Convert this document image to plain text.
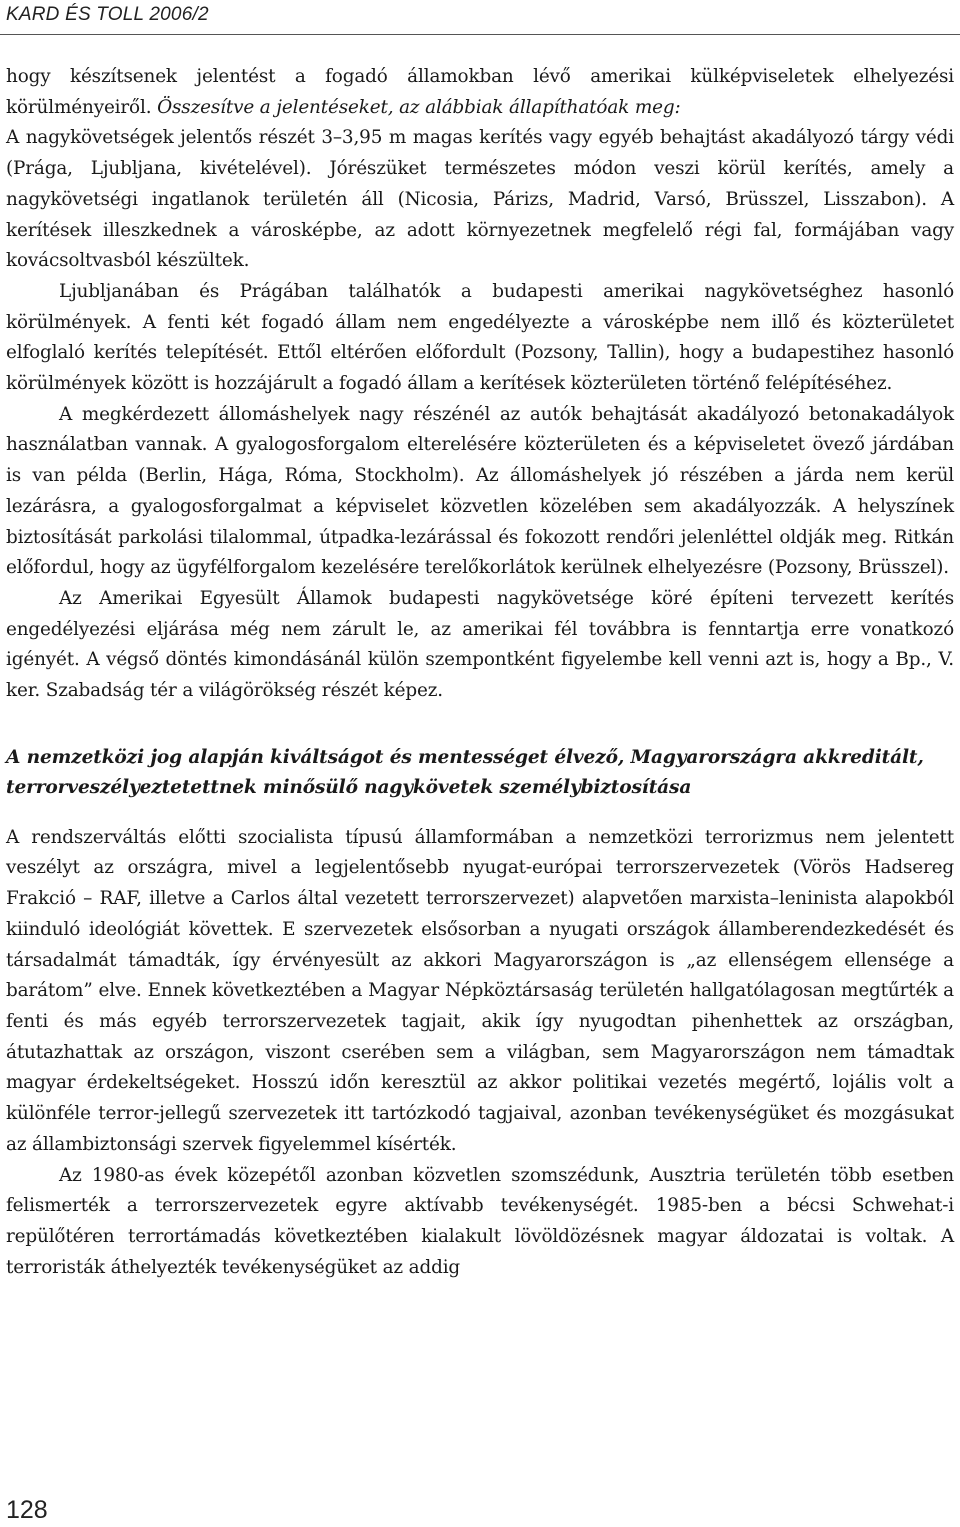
KARD ÉS TOLL 2006/2

hogy készítsenek jelentést a fogadó államokban lévő amerikai külképviseletek elhelyezési körülményeiről. Összesítve a jelentéseket, az alábbiak állapíthatóak meg:

A nagykövetségek jelentős részét 3–3,95 m magas kerítés vagy egyéb behajtást akadályozó tárgy védi (Prága, Ljubljana, kivételével). Jórészüket természetes módon veszi körül kerítés, amely a nagykövetségi ingatlanok területén áll (Nicosia, Párizs, Madrid, Varsó, Brüsszel, Lisszabon). A kerítések illeszkednek a városképbe, az adott környezetnek megfelelő régi fal, formájában vagy kovácsoltvasból készültek.

Ljubljanában és Prágában találhatók a budapesti amerikai nagykövetséghez hasonló körülmények. A fenti két fogadó állam nem engedélyezte a városképbe nem illő és közterületet elfoglaló kerítés telepítését. Ettől eltérően előfordult (Pozsony, Tallin), hogy a budapestihez hasonló körülmények között is hozzájárult a fogadó állam a kerítések közterületen történő felépítéséhez.

A megkérdezett állomáshelyek nagy részénél az autók behajtását akadályozó betonakadályok használatban vannak. A gyalogosforgalom elterelésére közterületen és a képviseletet övező járdában is van példa (Berlin, Hága, Róma, Stockholm). Az állomáshelyek jó részében a járda nem kerül lezárásra, a gyalogosforgalmat a képviselet közvetlen közelében sem akadályozzák. A helyszínek biztosítását parkolási tilalommal, útpadka-lezárással és fokozott rendőri jelenléttel oldják meg. Ritkán előfordul, hogy az ügyfélforgalom kezelésére terelőkorlátok kerülnek elhelyezésre (Pozsony, Brüsszel).

Az Amerikai Egyesült Államok budapesti nagykövetsége köré építeni tervezett kerítés engedélyezési eljárása még nem zárult le, az amerikai fél továbbra is fenntartja erre vonatkozó igényét. A végső döntés kimondásánál külön szempontként figyelembe kell venni azt is, hogy a Bp., V. ker. Szabadság tér a világörökség részét képez.

A nemzetközi jog alapján kiváltságot és mentességet élvező, Magyarországra akkreditált, terrorveszélyeztetettnek minősülő nagykövetek személybiztosítása

A rendszerváltás előtti szocialista típusú államformában a nemzetközi terrorizmus nem jelentett veszélyt az országra, mivel a legjelentősebb nyugat-európai terrorszervezetek (Vörös Hadsereg Frakció – RAF, illetve a Carlos által vezetett terrorszervezet) alapvetően marxista–leninista alapokból kiinduló ideológiát követtek. E szervezetek elsősorban a nyugati országok államberendezkedését és társadalmát támadták, így érvényesült az akkori Magyarországon is „az ellenségem ellensége a barátom” elve. Ennek következtében a Magyar Népköztársaság területén hallgatólagosan megtűrték a fenti és más egyéb terrorszervezetek tagjait, akik így nyugodtan pihenhettek az országban, átutazhattak az országon, viszont cserében sem a világban, sem Magyarországon nem támadtak magyar érdekeltségeket. Hosszú időn keresztül az akkor politikai vezetés megértő, lojális volt a különféle terror-jellegű szervezetek itt tartózkodó tagjaival, azonban tevékenységüket és mozgásukat az állambiztonsági szervek figyelemmel kísérték.

Az 1980-as évek közepétől azonban közvetlen szomszédunk, Ausztria területén több esetben felismerték a terrorszervezetek egyre aktívabb tevékenységét. 1985-ben a bécsi Schwehat-i repülőtéren terrortámadás következtében kialakult lövöldözésnek magyar áldozatai is voltak. A terroristák áthelyezték tevékenységüket az addig

128
